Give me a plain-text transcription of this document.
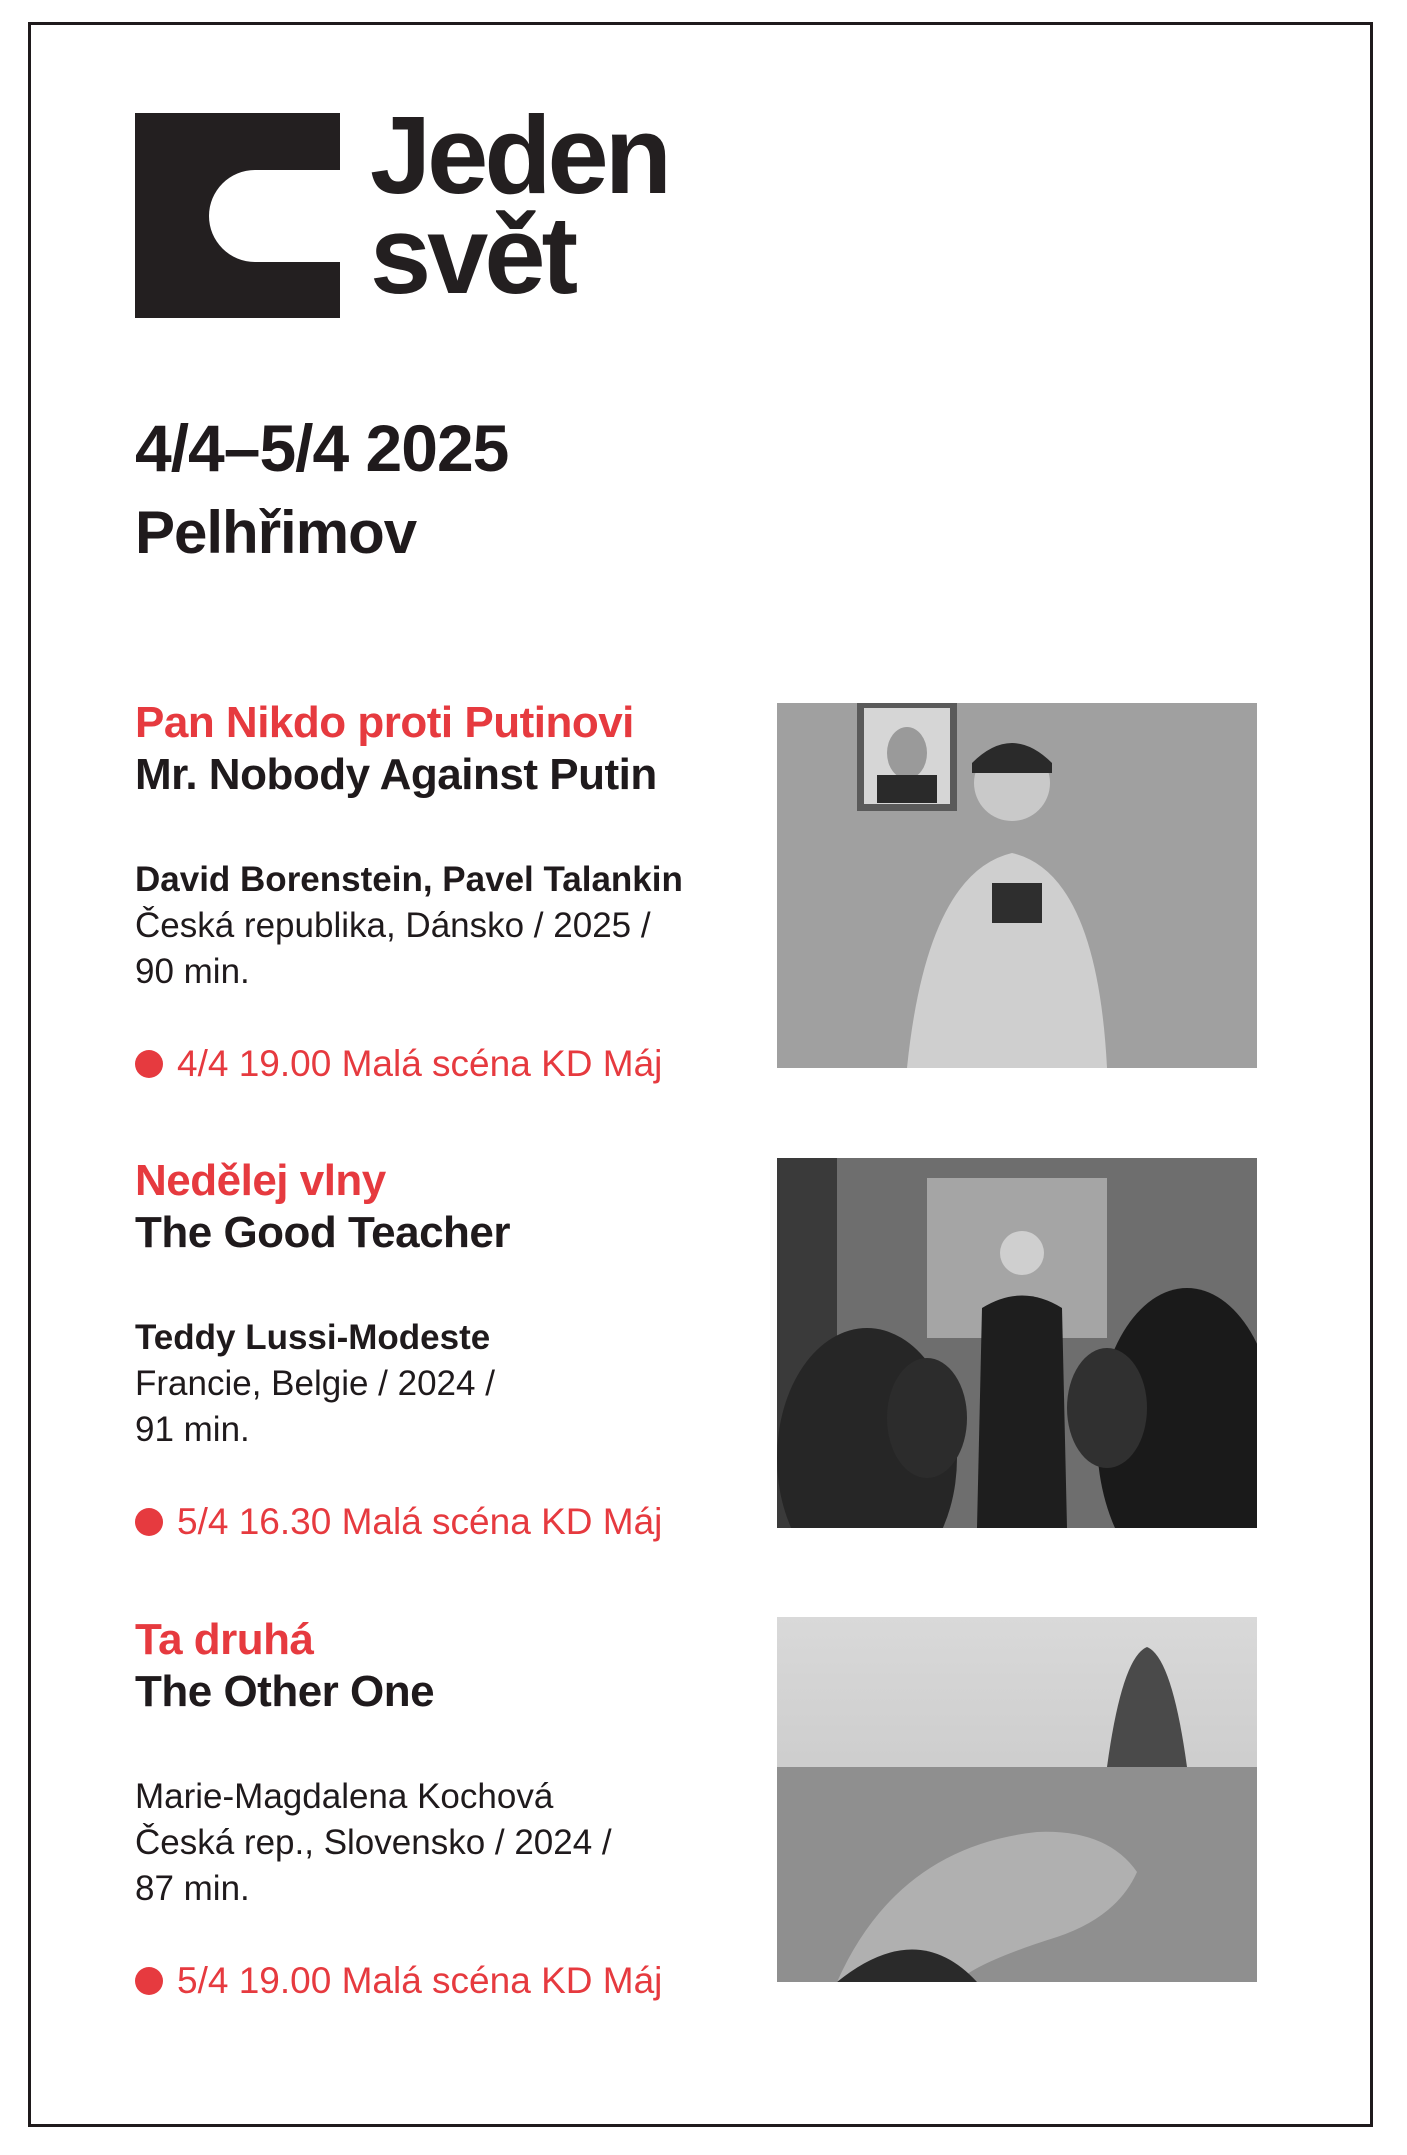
Jeden
svět
4/4–5/4 2025
Pelhřimov
Pan Nikdo proti Putinovi
Mr. Nobody Against Putin
David Borenstein, Pavel Talankin
Česká republika, Dánsko / 2025 /
90 min.
4/4 19.00 Malá scéna KD Máj
Nedělej vlny
The Good Teacher
Teddy Lussi-Modeste
Francie, Belgie / 2024 /
91 min.
5/4 16.30 Malá scéna KD Máj
Ta druhá
The Other One
Marie-Magdalena Kochová
Česká rep., Slovensko / 2024 /
87 min.
5/4 19.00 Malá scéna KD Máj
